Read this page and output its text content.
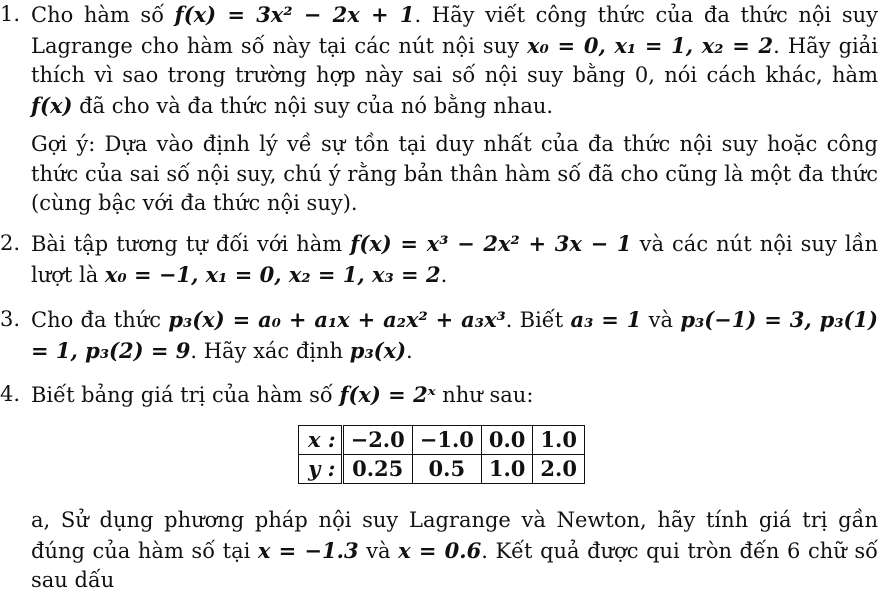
1. Cho hàm số f(x) = 3x² − 2x + 1. Hãy viết công thức của đa thức nội suy Lagrange cho hàm số này tại các nút nội suy x₀ = 0, x₁ = 1, x₂ = 2. Hãy giải thích vì sao trong trường hợp này sai số nội suy bằng 0, nói cách khác, hàm f(x) đã cho và đa thức nội suy của nó bằng nhau.
Gợi ý: Dựa vào định lý về sự tồn tại duy nhất của đa thức nội suy hoặc công thức của sai số nội suy, chú ý rằng bản thân hàm số đã cho cũng là một đa thức (cùng bậc với đa thức nội suy).
2. Bài tập tương tự đối với hàm f(x) = x³ − 2x² + 3x − 1 và các nút nội suy lần lượt là x₀ = −1, x₁ = 0, x₂ = 1, x₃ = 2.
3. Cho đa thức p₃(x) = a₀ + a₁x + a₂x² + a₃x³. Biết a₃ = 1 và p₃(−1) = 3, p₃(1) = 1, p₃(2) = 9. Hãy xác định p₃(x).
4. Biết bảng giá trị của hàm số f(x) = 2ˣ như sau:
x :	−2.0	−1.0	0.0	1.0
y :	0.25	0.5	1.0	2.0
a, Sử dụng phương pháp nội suy Lagrange và Newton, hãy tính giá trị gần đúng của hàm số tại x = −1.3 và x = 0.6. Kết quả được qui tròn đến 6 chữ số sau dấu
